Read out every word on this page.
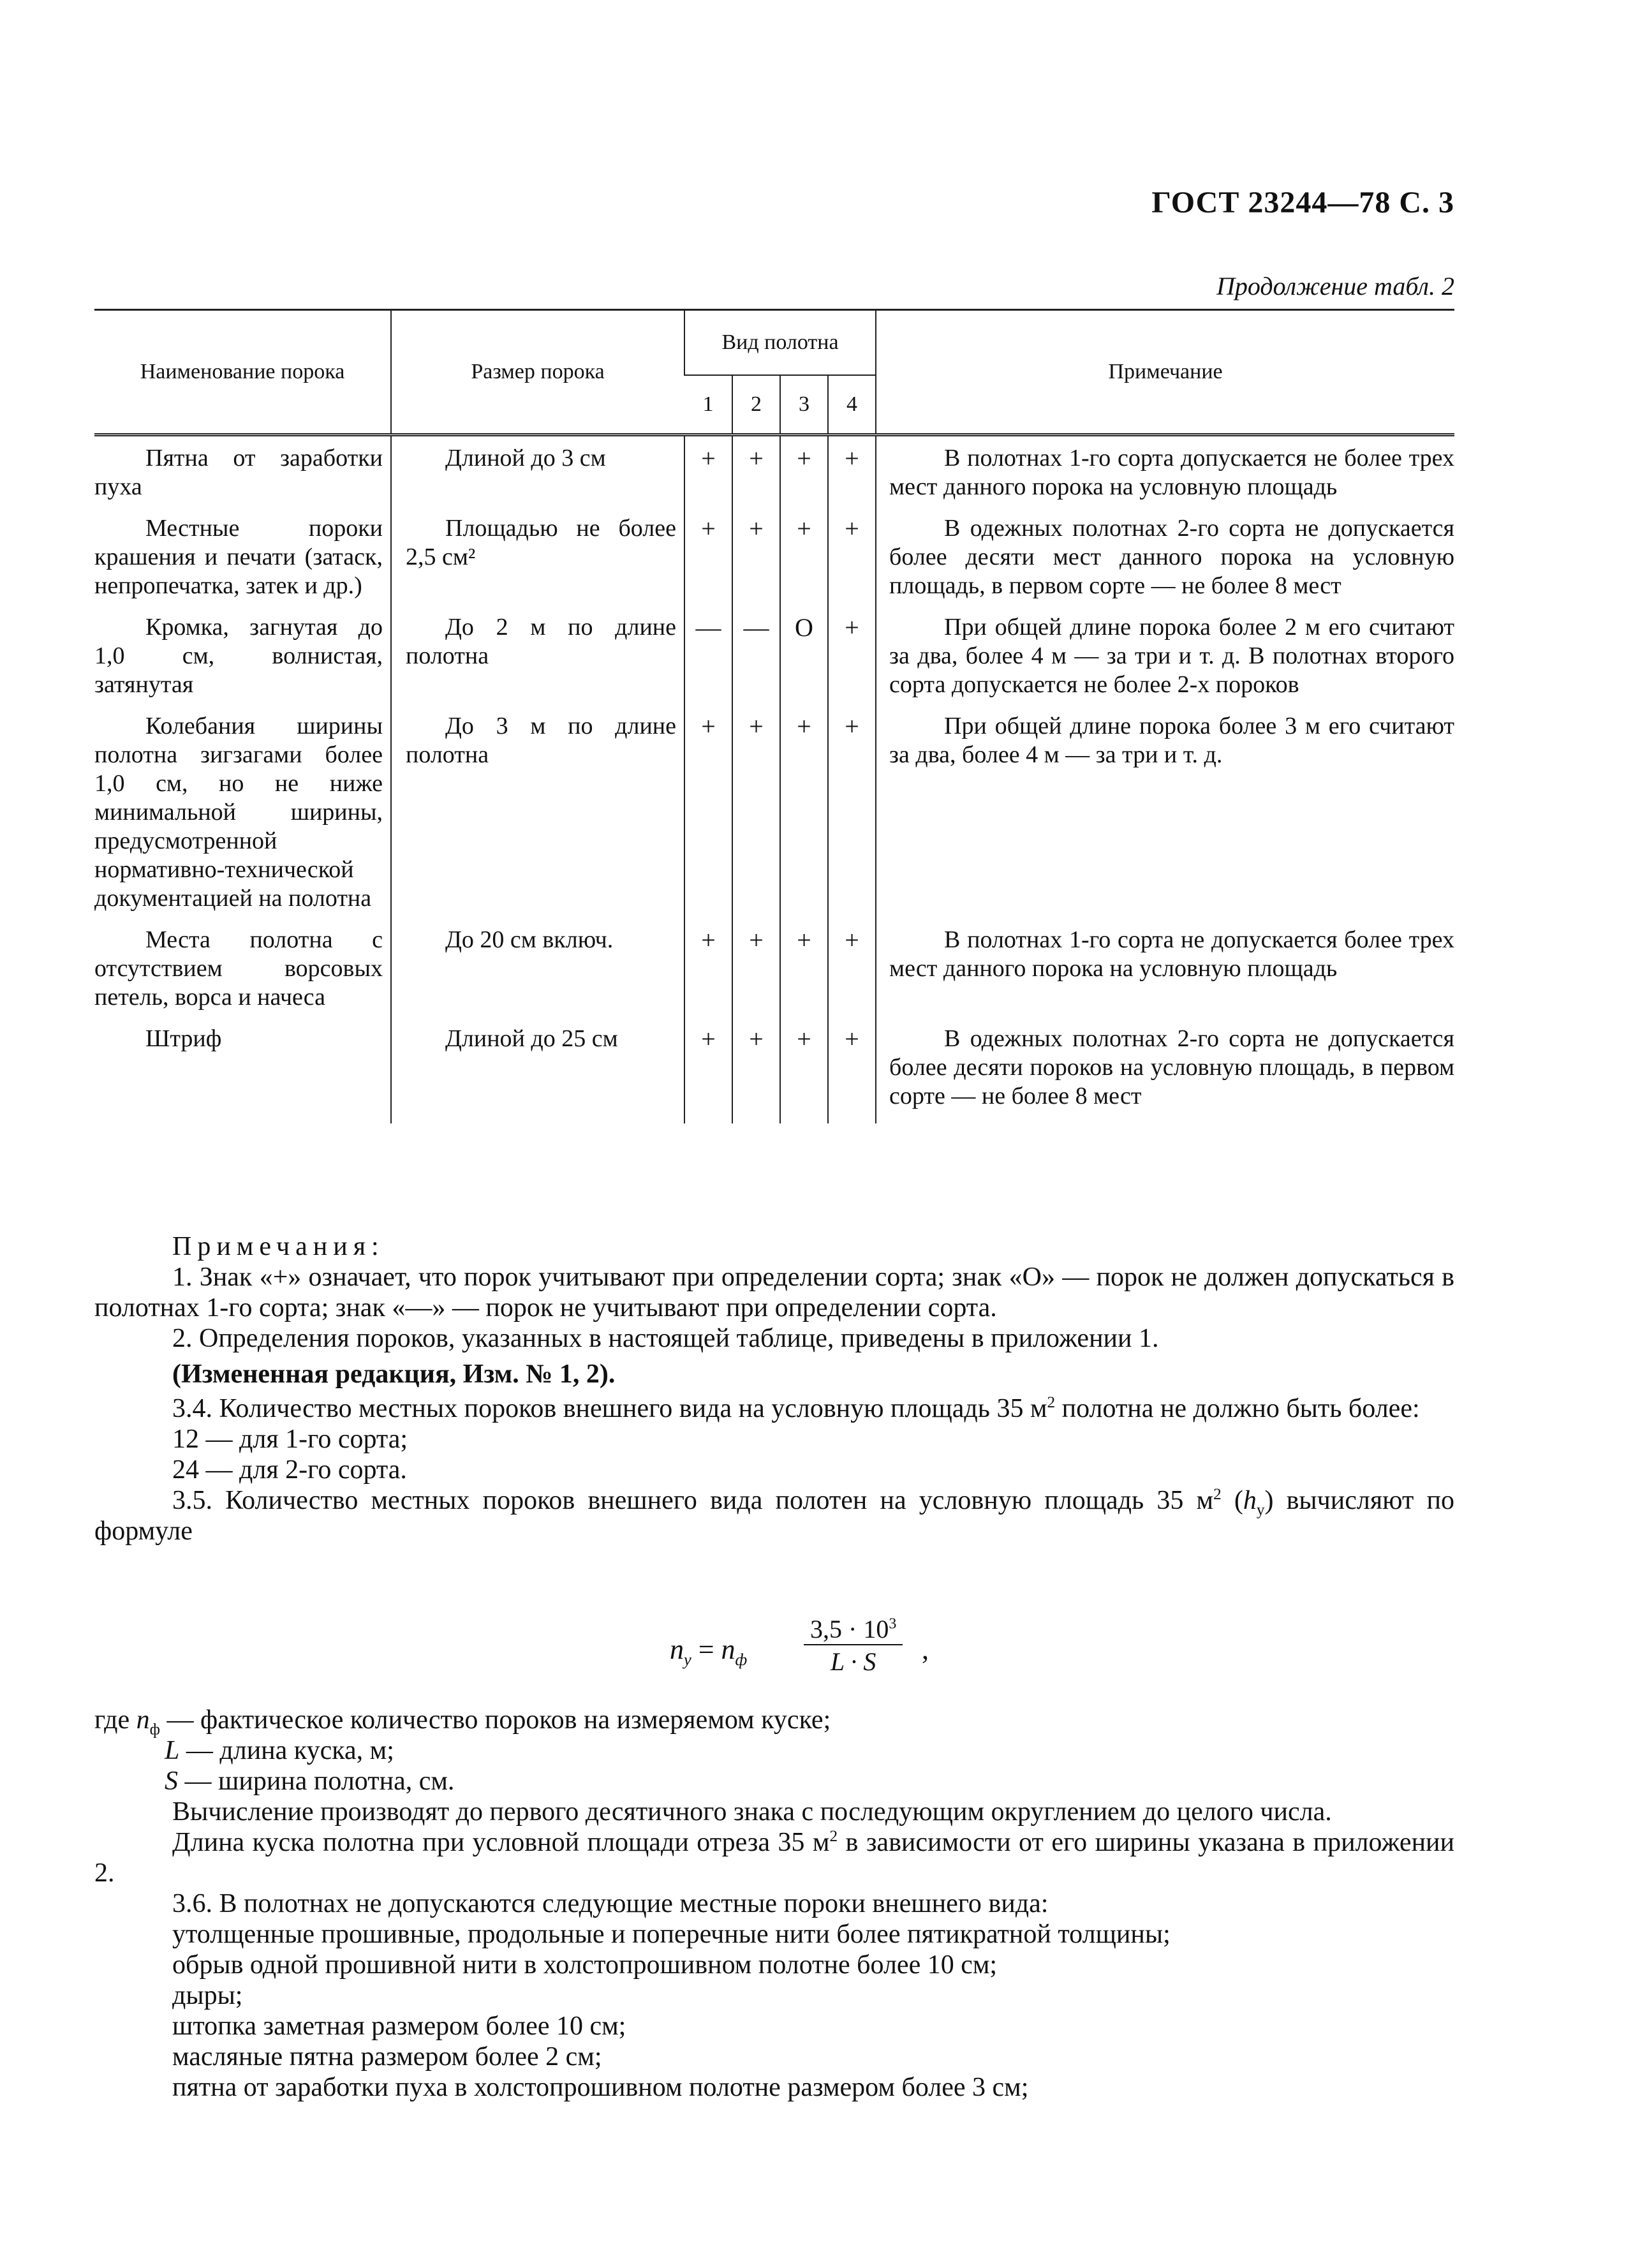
ГОСТ 23244—78 С. 3
Продолжение табл. 2
Наименование порока	Размер порока	Вид полотна				Примечание
		1	2	3	4	
Пятна от заработки пуха	Длиной до 3 см	+	+	+	+	В полотнах 1-го сорта допускается не более трех мест данного порока на условную площадь
Местные пороки крашения и печати (затаск, непропечатка, затек и др.)	Площадью не более 2,5 см²	+	+	+	+	В одежных полотнах 2-го сорта не допускается более десяти мест данного порока на условную площадь, в первом сорте — не более 8 мест
Кромка, загнутая до 1,0 см, волнистая, затянутая	До 2 м по длине полотна	—	—	О	+	При общей длине порока более 2 м его считают за два, более 4 м — за три и т. д. В полотнах второго сорта допускается не более 2-х пороков
Колебания ширины полотна зигзагами более 1,0 см, но не ниже минимальной ширины, предусмотренной нормативно-технической документацией на полотна	До 3 м по длине полотна	+	+	+	+	При общей длине порока более 3 м его считают за два, более 4 м — за три и т. д.
Места полотна с отсутствием ворсовых петель, ворса и начеса	До 20 см включ.	+	+	+	+	В полотнах 1-го сорта не допускается более трех мест данного порока на условную площадь
Штриф	Длиной до 25 см	+	+	+	+	В одежных полотнах 2-го сорта не допускается более десяти пороков на условную площадь, в первом сорте — не более 8 мест
Примечания:
1. Знак «+» означает, что порок учитывают при определении сорта; знак «О» — порок не должен допускаться в полотнах 1-го сорта; знак «—» — порок не учитывают при определении сорта.
2. Определения пороков, указанных в настоящей таблице, приведены в приложении 1.
(Измененная редакция, Изм. № 1, 2).
3.4. Количество местных пороков внешнего вида на условную площадь 35 $м^2$ полотна не должно быть более:
12 — для 1-го сорта;
24 — для 2-го сорта.
3.5. Количество местных пороков внешнего вида полотен на условную площадь 35 $м^2$ $(h_у)$ вычисляют по формуле
$n_у = n_ф \frac{3,5 \cdot 10^3}{L \cdot S}$ ,
где $n_ф$ — фактическое количество пороков на измеряемом куске;
L — длина куска, м;
S — ширина полотна, см.
Вычисление производят до первого десятичного знака с последующим округлением до целого числа.
Длина куска полотна при условной площади отреза 35 $м^2$ в зависимости от его ширины указана в приложении 2.
3.6. В полотнах не допускаются следующие местные пороки внешнего вида:
утолщенные прошивные, продольные и поперечные нити более пятикратной толщины;
обрыв одной прошивной нити в холстопрошивном полотне более 10 см;
дыры;
штопка заметная размером более 10 см;
масляные пятна размером более 2 см;
пятна от заработки пуха в холстопрошивном полотне размером более 3 см;
